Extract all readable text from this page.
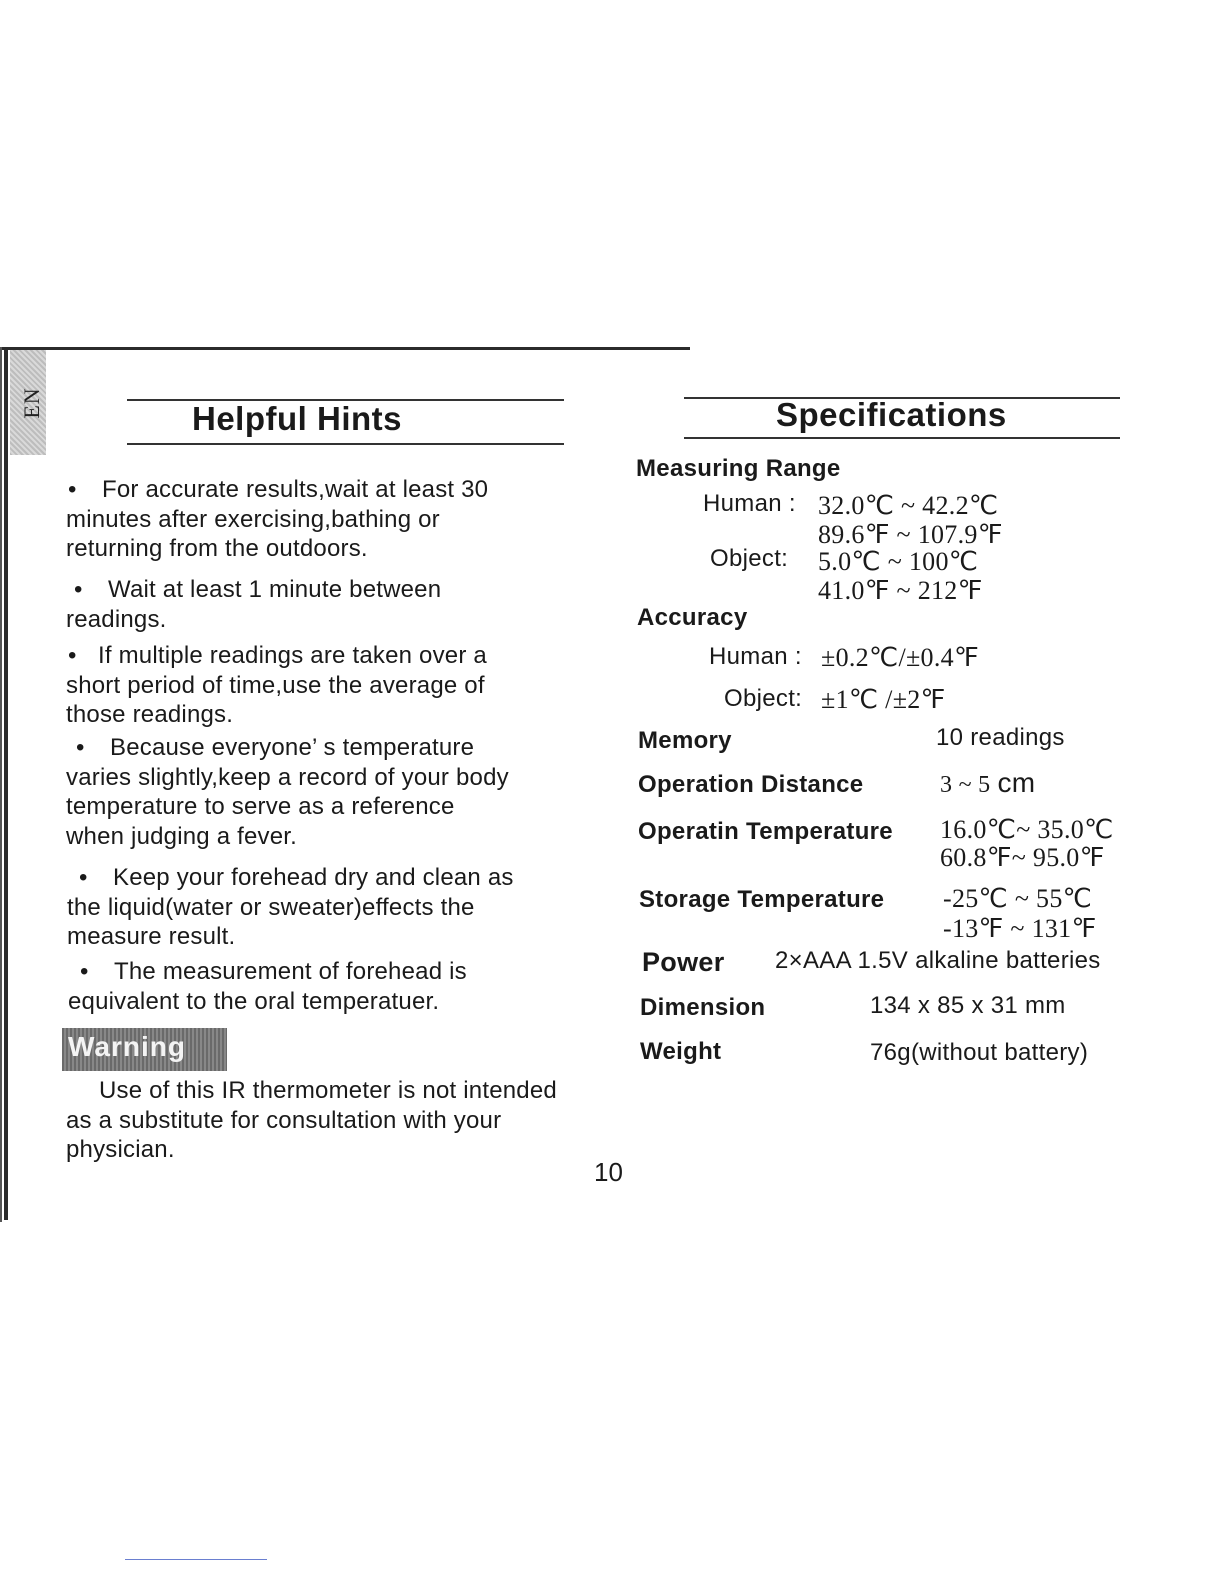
EN	Helpful Hints
• For accurate results,wait at least 30
minutes after exercising,bathing or
returning from the outdoors.
• Wait at least 1 minute between
readings.
• If multiple readings are taken over a
short period of time,use the average of
those readings.
• Because everyone’ s temperature
varies slightly,keep a record of your body
temperature to serve as a reference
when judging a fever.
• Keep your forehead dry and clean as
the liquid(water or sweater)effects the
measure result.
• The measurement of forehead is
equivalent to the oral temperatuer.
Warning
Use of this IR thermometer is not intended
as a substitute for consultation with your
physician.
10
Specifications
Measuring Range
Human : 32.0℃ ~ 42.2℃
89.6℉ ~ 107.9℉
Object: 5.0℃ ~ 100℃
41.0℉ ~ 212℉
Accuracy
Human : ±0.2℃/±0.4℉
Object: ±1℃ /±2℉
Memory	10 readings
Operation Distance	3 ~ 5 cm
Operatin Temperature 16.0℃~ 35.0℃
60.8℉~ 95.0℉
Storage Temperature -25℃ ~ 55℃
-13℉ ~ 131℉
Power 2×AAA 1.5V alkaline batteries
Dimension	134 x 85 x 31 mm
Weight	76g(without battery)
